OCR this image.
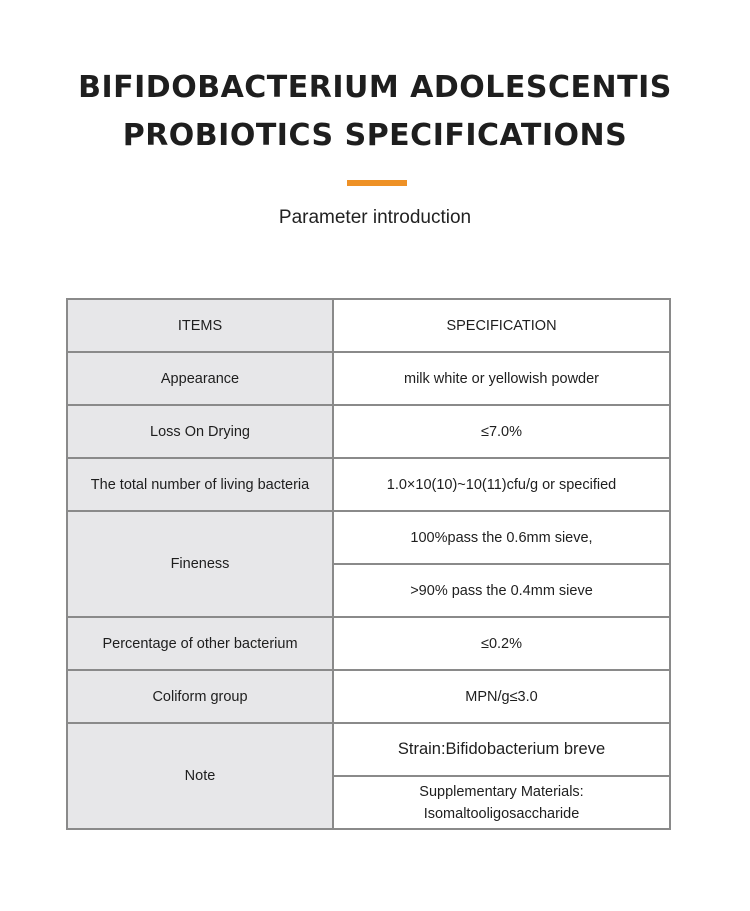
BIFIDOBACTERIUM ADOLESCENTIS
PROBIOTICS SPECIFICATIONS
Parameter introduction
ITEMS	SPECIFICATION
Appearance	milk white or yellowish powder
Loss On Drying	≤7.0%
The total number of living bacteria	1.0×10(10)~10(11)cfu/g or specified
Fineness	100%pass the 0.6mm sieve,
	>90% pass the 0.4mm sieve
Percentage of other bacterium	≤0.2%
Coliform group	MPN/g≤3.0
Note	Strain:Bifidobacterium breve

	Supplementary Materials:
Isomaltooligosaccharide
